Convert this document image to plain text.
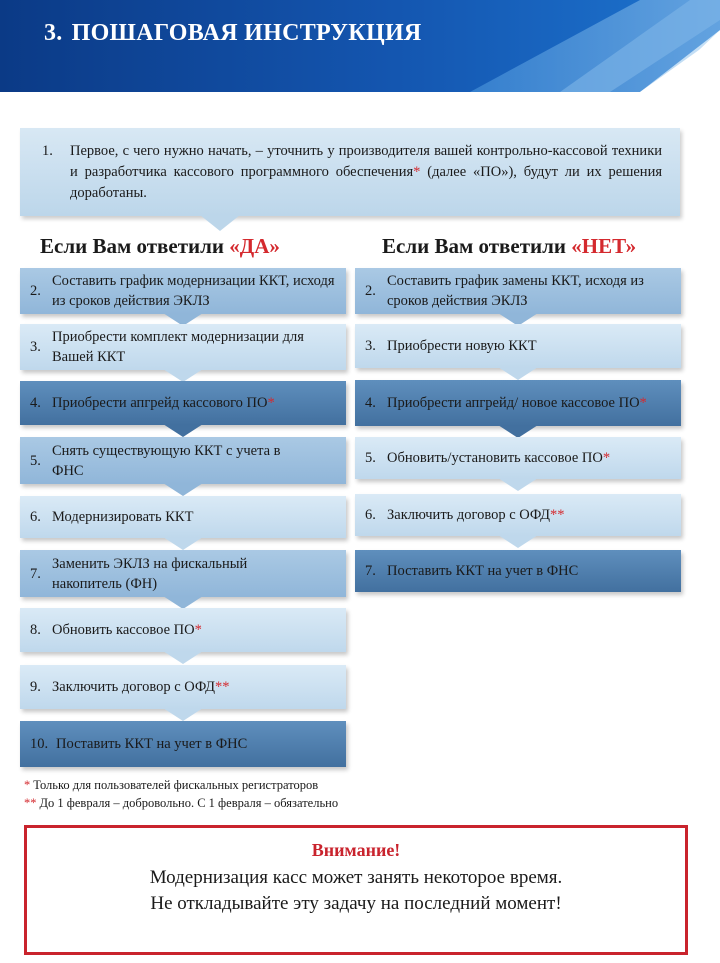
3. ПОШАГОВАЯ ИНСТРУКЦИЯ
1.	Первое, с чего нужно начать, – уточнить у производителя вашей контрольно-кассовой техники и разработчика кассового программного обеспечения* (далее «ПО»), будут ли их решения доработаны.
Если Вам ответили «ДА»	Если Вам ответили «НЕТ»
2.
Составить график модернизации ККТ, исходя из сроков действия ЭКЛЗ
3.
Приобрести комплект модернизации для Вашей ККТ
4. Приобрести апгрейд кассового ПО*
5.
Снять существующую ККТ с учета в ФНС
6. Модернизировать ККТ
7.
Заменить ЭКЛЗ на фискальный накопитель (ФН)
8. Обновить кассовое ПО*
9. Заключить договор с ОФД**
10. Поставить ККТ на учет в ФНС
2.
Составить график замены ККТ, исходя из сроков действия ЭКЛЗ
3. Приобрести новую ККТ
4. Приобрести апгрейд/ новое кассовое ПО*
5. Обновить/установить кассовое ПО*
6. Заключить договор с ОФД**
7. Поставить ККТ на учет в ФНС
* Только для пользователей фискальных регистраторов
** До 1 февраля – добровольно. С 1 февраля – обязательно
Внимание!
Модернизация касс может занять некоторое время.
Не откладывайте эту задачу на последний момент!
